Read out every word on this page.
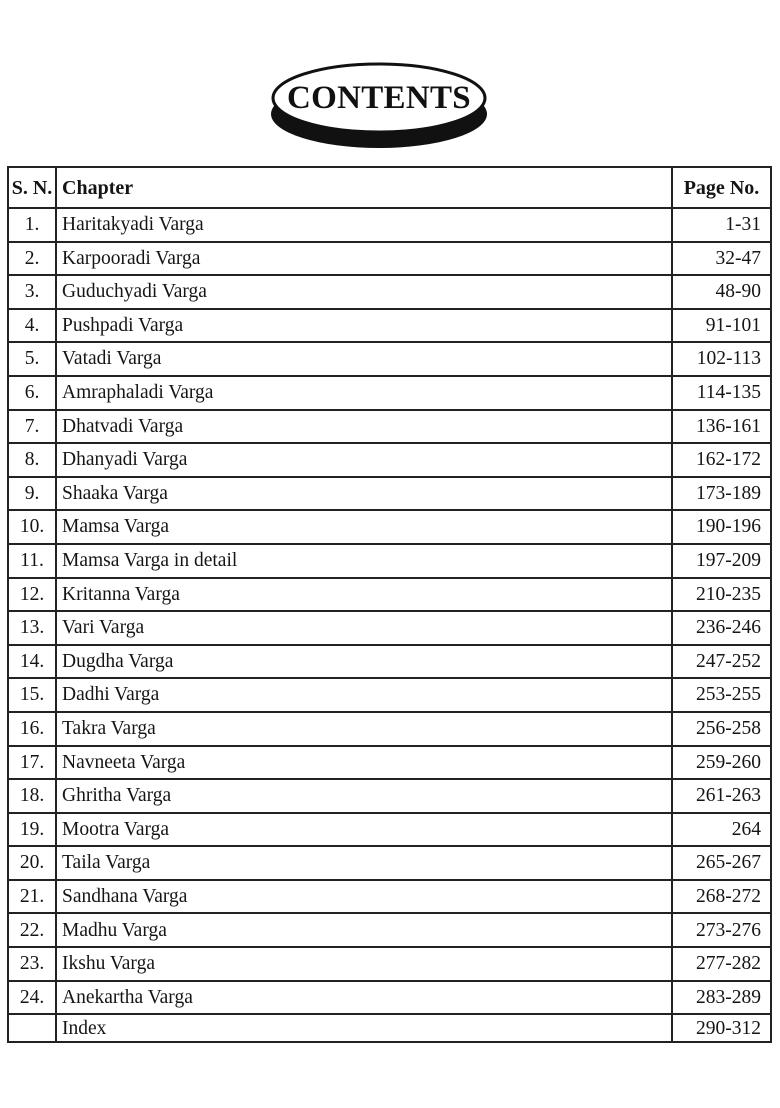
CONTENTS
S. N.	Chapter	Page No.
1.	Haritakyadi Varga	1-31
2.	Karpooradi Varga	32-47
3.	Guduchyadi Varga	48-90
4.	Pushpadi Varga	91-101
5.	Vatadi Varga	102-113
6.	Amraphaladi Varga	114-135
7.	Dhatvadi Varga	136-161
8.	Dhanyadi Varga	162-172
9.	Shaaka Varga	173-189
10.	Mamsa Varga	190-196
11.	Mamsa Varga in detail	197-209
12.	Kritanna Varga	210-235
13.	Vari Varga	236-246
14.	Dugdha Varga	247-252
15.	Dadhi Varga	253-255
16.	Takra Varga	256-258
17.	Navneeta Varga	259-260
18.	Ghritha Varga	261-263
19.	Mootra Varga	264
20.	Taila Varga	265-267
21.	Sandhana Varga	268-272
22.	Madhu Varga	273-276
23.	Ikshu Varga	277-282
24.	Anekartha Varga	283-289
	Index	290-312
